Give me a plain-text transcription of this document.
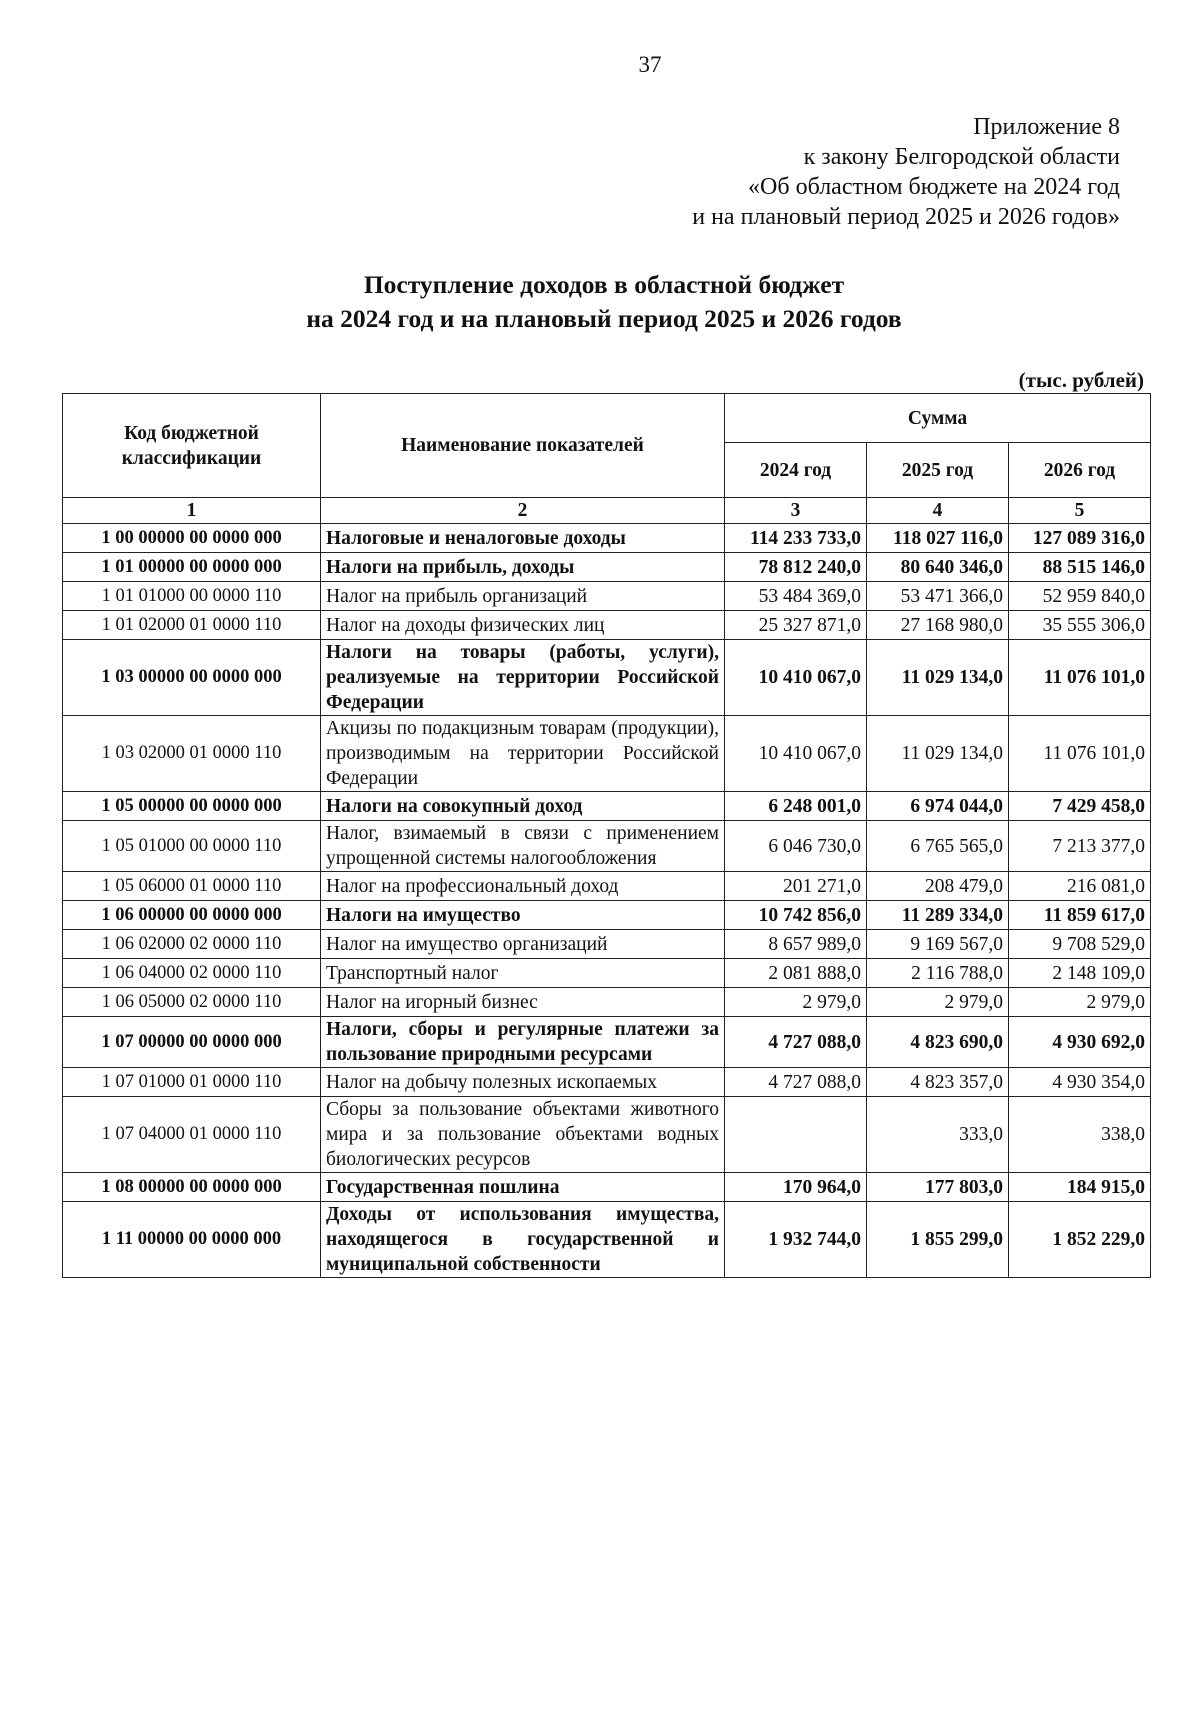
37
Приложение 8
к закону Белгородской области
«Об областном бюджете на 2024 год
и на плановый период 2025 и 2026 годов»
Поступление доходов в областной бюджет
на 2024 год и на плановый период 2025 и 2026 годов
(тыс. рублей)
Код бюджетной классификации	Наименование показателей	Сумма		
		2024 год	2025 год	2026 год
1	2	3	4	5
1 00 00000 00 0000 000	Налоговые и неналоговые доходы	114 233 733,0	118 027 116,0	127 089 316,0
1 01 00000 00 0000 000	Налоги на прибыль, доходы	78 812 240,0	80 640 346,0	88 515 146,0
1 01 01000 00 0000 110	Налог на прибыль организаций	53 484 369,0	53 471 366,0	52 959 840,0
1 01 02000 01 0000 110	Налог на доходы физических лиц	25 327 871,0	27 168 980,0	35 555 306,0
1 03 00000 00 0000 000	Налоги на товары (работы, услуги), реализуемые на территории Российской Федерации	10 410 067,0	11 029 134,0	11 076 101,0
1 03 02000 01 0000 110	Акцизы по подакцизным товарам (продукции), производимым на территории Российской Федерации	10 410 067,0	11 029 134,0	11 076 101,0
1 05 00000 00 0000 000	Налоги на совокупный доход	6 248 001,0	6 974 044,0	7 429 458,0
1 05 01000 00 0000 110	Налог, взимаемый в связи с применением упрощенной системы налогообложения	6 046 730,0	6 765 565,0	7 213 377,0
1 05 06000 01 0000 110	Налог на профессиональный доход	201 271,0	208 479,0	216 081,0
1 06 00000 00 0000 000	Налоги на имущество	10 742 856,0	11 289 334,0	11 859 617,0
1 06 02000 02 0000 110	Налог на имущество организаций	8 657 989,0	9 169 567,0	9 708 529,0
1 06 04000 02 0000 110	Транспортный налог	2 081 888,0	2 116 788,0	2 148 109,0
1 06 05000 02 0000 110	Налог на игорный бизнес	2 979,0	2 979,0	2 979,0
1 07 00000 00 0000 000	Налоги, сборы и регулярные платежи за пользование природными ресурсами	4 727 088,0	4 823 690,0	4 930 692,0
1 07 01000 01 0000 110	Налог на добычу полезных ископаемых	4 727 088,0	4 823 357,0	4 930 354,0
1 07 04000 01 0000 110	Сборы за пользование объектами животного мира и за пользование объектами водных биологических ресурсов		333,0	338,0
1 08 00000 00 0000 000	Государственная пошлина	170 964,0	177 803,0	184 915,0
1 11 00000 00 0000 000	Доходы от использования имущества, находящегося в государственной и муниципальной собственности	1 932 744,0	1 855 299,0	1 852 229,0
